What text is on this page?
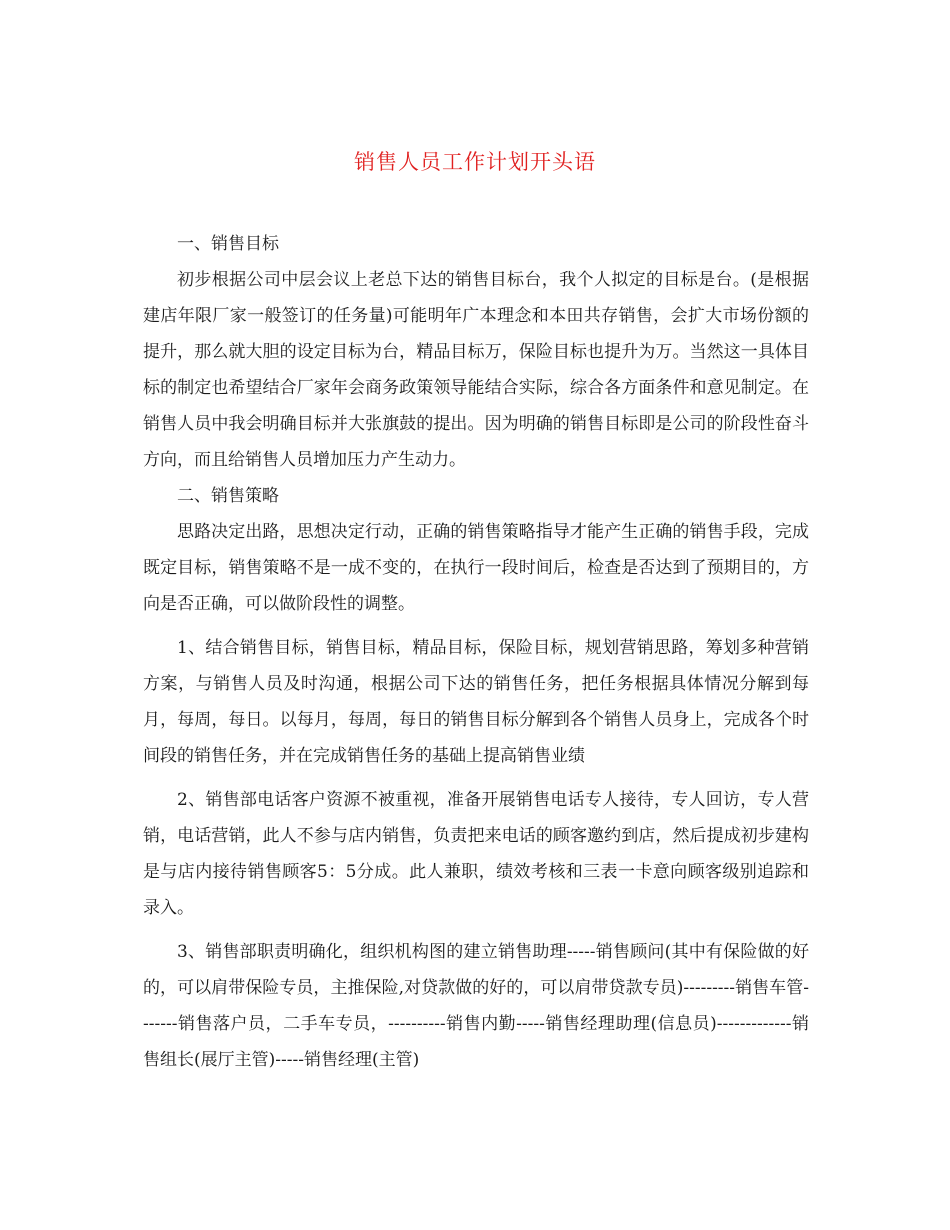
销售人员工作计划开头语

一、销售目标

初步根据公司中层会议上老总下达的销售目标台，我个人拟定的目标是台。(是根据建店年限厂家一般签订的任务量)可能明年广本理念和本田共存销售，会扩大市场份额的提升，那么就大胆的设定目标为台，精品目标万，保险目标也提升为万。当然这一具体目标的制定也希望结合厂家年会商务政策领导能结合实际，综合各方面条件和意见制定。在销售人员中我会明确目标并大张旗鼓的提出。因为明确的销售目标即是公司的阶段性奋斗方向，而且给销售人员增加压力产生动力。

二、销售策略

思路决定出路，思想决定行动，正确的销售策略指导才能产生正确的销售手段，完成既定目标，销售策略不是一成不变的，在执行一段时间后，检查是否达到了预期目的，方向是否正确，可以做阶段性的调整。

1、结合销售目标，销售目标，精品目标，保险目标，规划营销思路，筹划多种营销方案，与销售人员及时沟通，根据公司下达的销售任务，把任务根据具体情况分解到每月，每周，每日。以每月，每周，每日的销售目标分解到各个销售人员身上，完成各个时间段的销售任务，并在完成销售任务的基础上提高销售业绩

2、销售部电话客户资源不被重视，准备开展销售电话专人接待，专人回访，专人营销，电话营销，此人不参与店内销售，负责把来电话的顾客邀约到店，然后提成初步建构是与店内接待销售顾客5：5分成。此人兼职，绩效考核和三表一卡意向顾客级别追踪和录入。

3、销售部职责明确化，组织机构图的建立销售助理-----销售顾问(其中有保险做的好的，可以肩带保险专员，主推保险,对贷款做的好的，可以肩带贷款专员)---------销售车管-------销售落户员，二手车专员，----------销售内勤-----销售经理助理(信息员)-------------销售组长(展厅主管)-----销售经理(主管)
